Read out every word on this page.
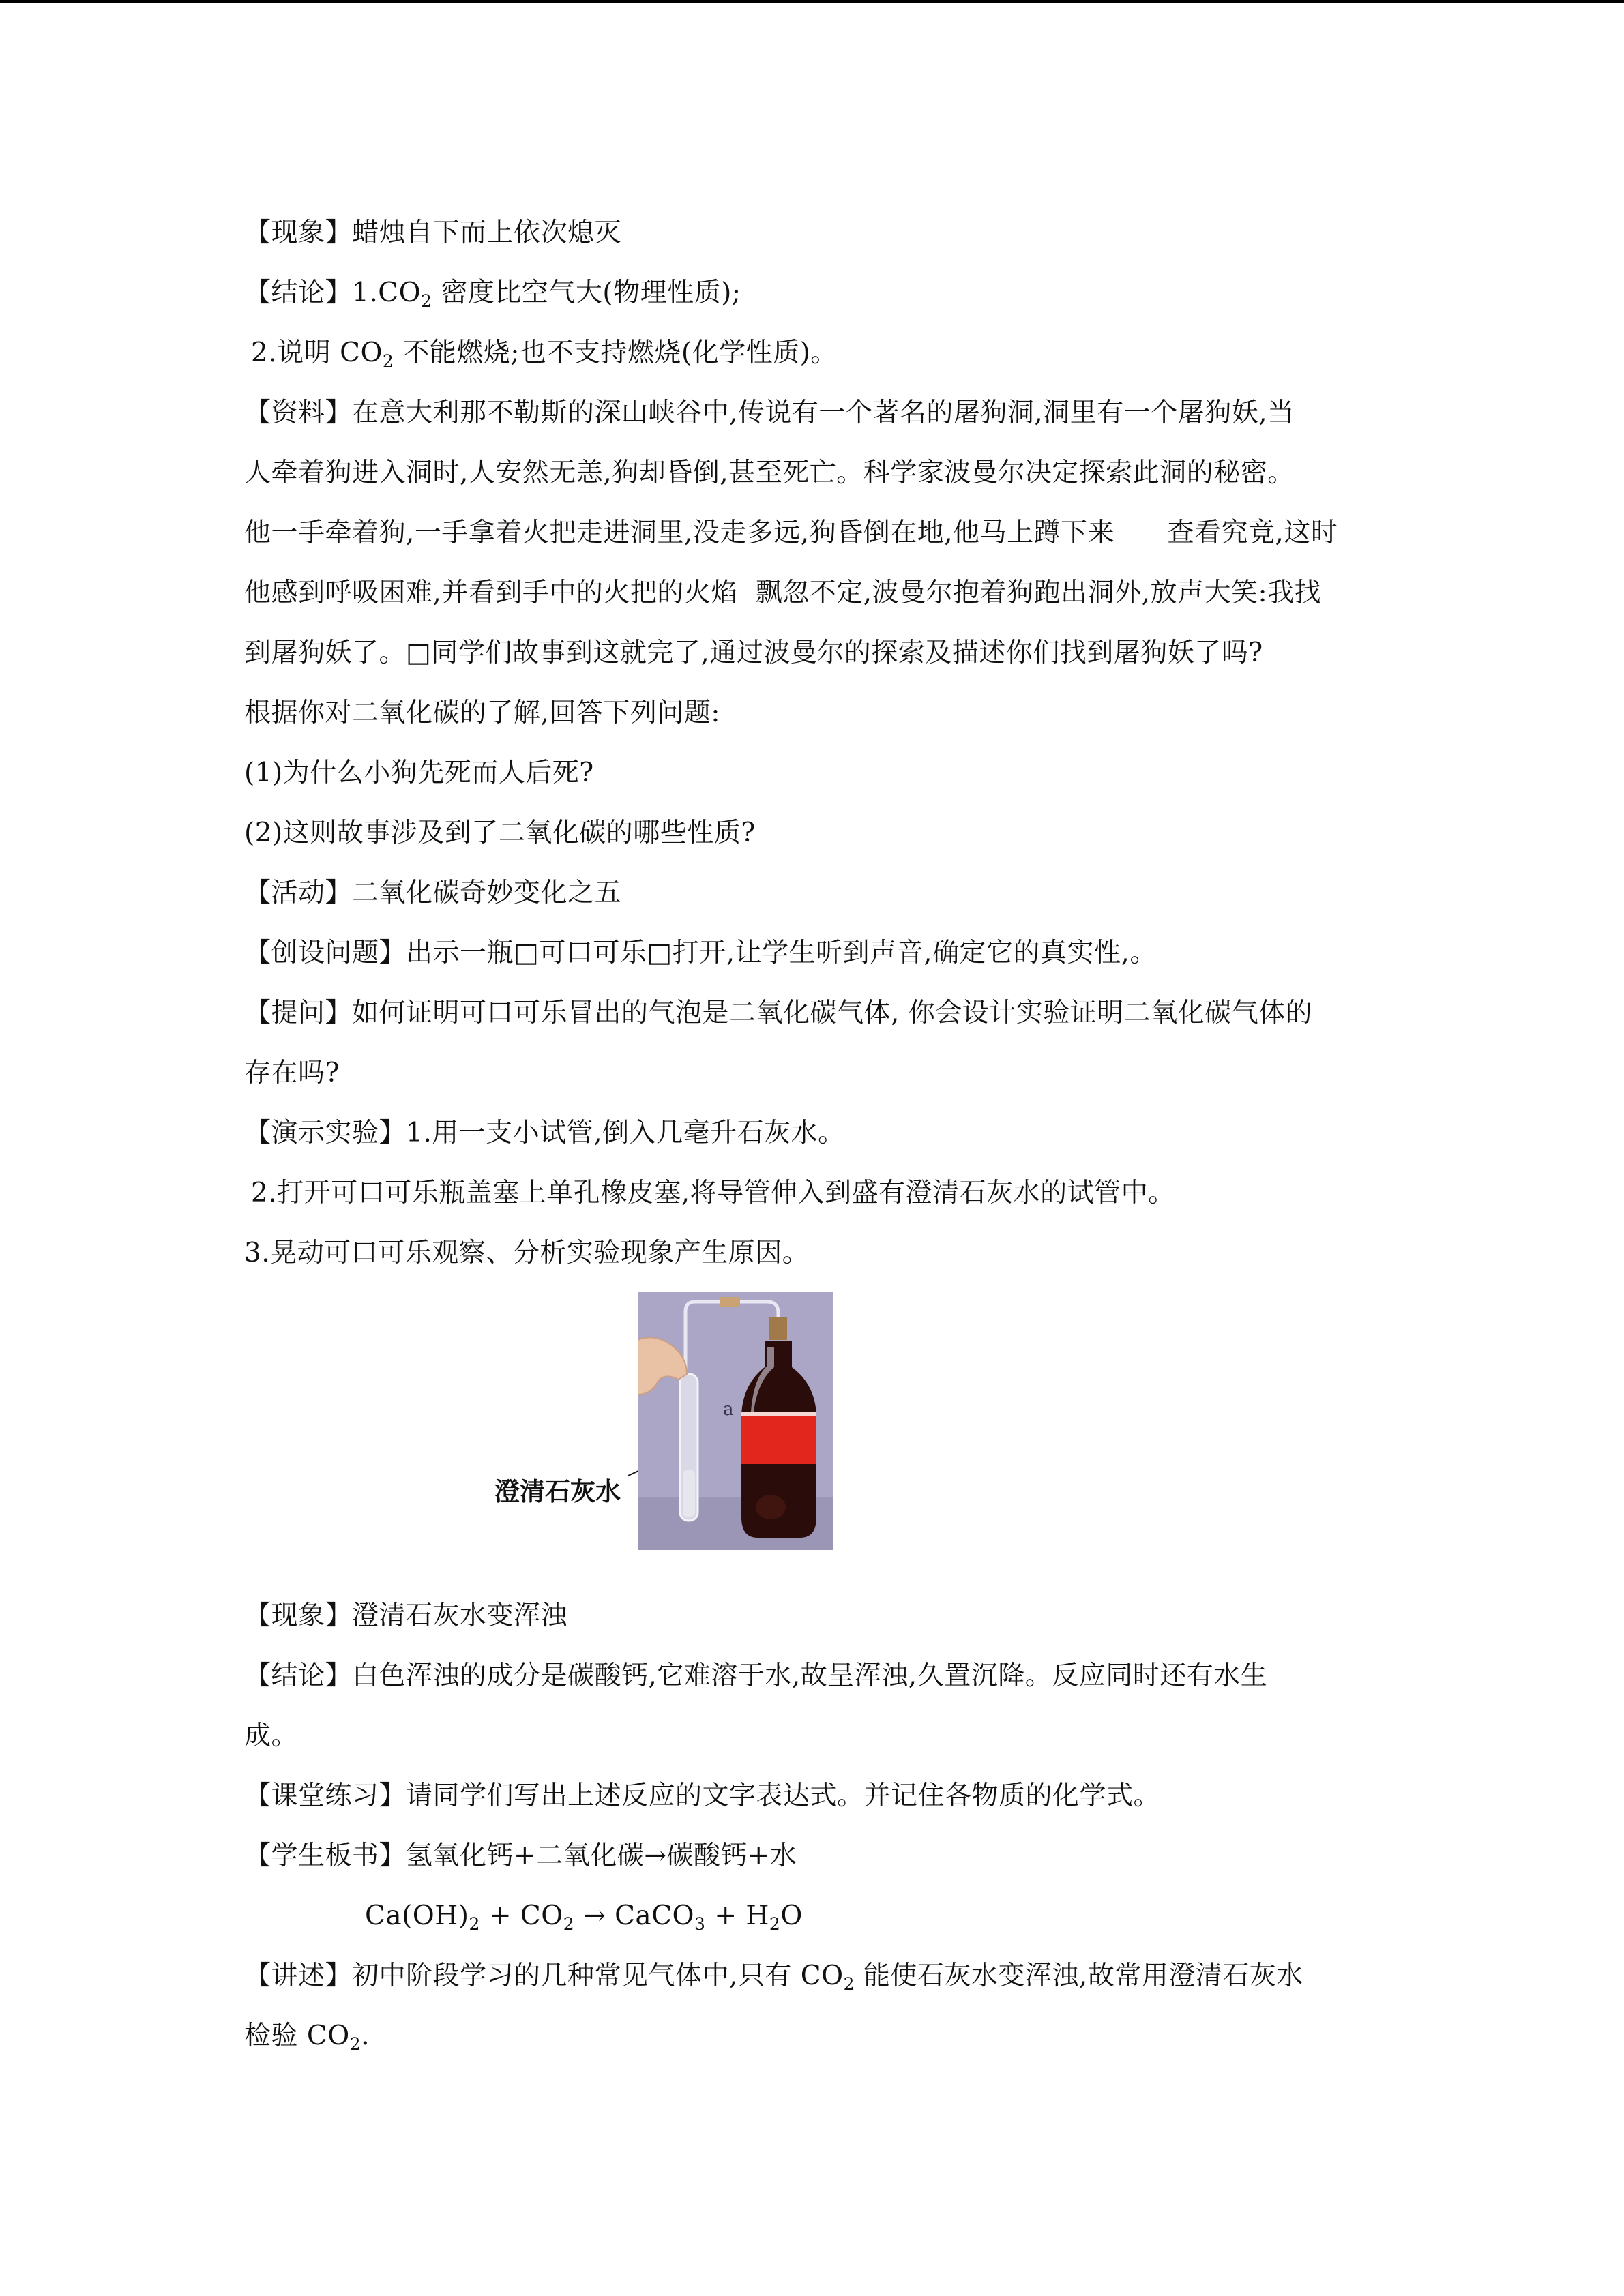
【现象】蜡烛自下而上依次熄灭
【结论】$1.CO_2$ 密度比空气大(物理性质);
2.说明 $CO_2$ 不能燃烧;也不支持燃烧(化学性质)。
【资料】在意大利那不勒斯的深山峡谷中,传说有一个著名的屠狗洞,洞里有一个屠狗妖,当
人牵着狗进入洞时,人安然无恙,狗却昏倒,甚至死亡。科学家波曼尔决定探索此洞的秘密。
他一手牵着狗,一手拿着火把走进洞里,没走多远,狗昏倒在地,他马上蹲下来      查看究竟,这时
他感到呼吸困难,并看到手中的火把的火焰  飘忽不定,波曼尔抱着狗跑出洞外,放声大笑:我找
到屠狗妖了。□同学们故事到这就完了,通过波曼尔的探索及描述你们找到屠狗妖了吗?
根据你对二氧化碳的了解,回答下列问题:
(1)为什么小狗先死而人后死?
(2)这则故事涉及到了二氧化碳的哪些性质?
【活动】二氧化碳奇妙变化之五
【创设问题】出示一瓶□可口可乐□打开,让学生听到声音,确定它的真实性,。
【提问】如何证明可口可乐冒出的气泡是二氧化碳气体, 你会设计实验证明二氧化碳气体的
存在吗?
【演示实验】1.用一支小试管,倒入几毫升石灰水。
2.打开可口可乐瓶盖塞上单孔橡皮塞,将导管伸入到盛有澄清石灰水的试管中。
3.晃动可口可乐观察、分析实验现象产生原因。
澄清石灰水
a
【现象】澄清石灰水变浑浊
【结论】白色浑浊的成分是碳酸钙,它难溶于水,故呈浑浊,久置沉降。反应同时还有水生
成。
【课堂练习】请同学们写出上述反应的文字表达式。并记住各物质的化学式。
【学生板书】氢氧化钙+二氧化碳→碳酸钙+水
$Ca(OH)_2 + CO_2$ → CaCO$_3$ + $H_2O$
【讲述】初中阶段学习的几种常见气体中,只有 $CO_2$ 能使石灰水变浑浊,故常用澄清石灰水
检验 $CO_2$.
